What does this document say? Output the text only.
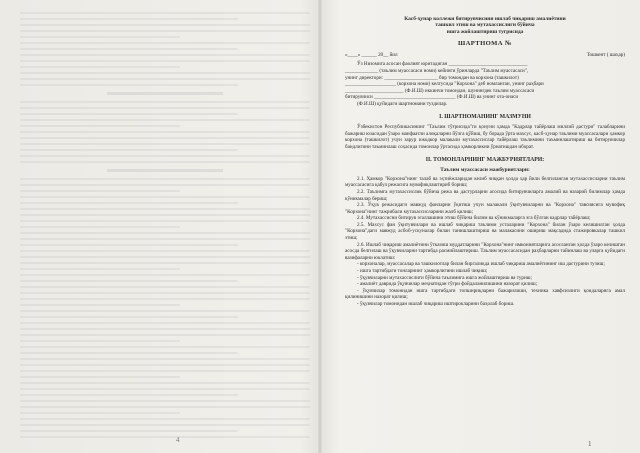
4
Касб-ҳунар коллежи битирувчисини ишлаб чиқариш амалиётини
ташкил этиш ва мутахассислиги бўйича
ишга жойлаштириш тугрисида
ШАРТНОМА №
«____» ______ 20__ йил	Тошкент ( шаҳар)

Ўз Низомига асосан фаолият юритадиган _______________________________

_____________ (таълим муассасаси номи) кейинги ўринларда "Таълим муассасаси",

унинг директори: _____________________ бир томондан ва корхона (ташкилот)

____________________ (корхона номи) келгусида "Корхона" деб номланган, унинг раҳбари

_______________________ (Ф.И.Ш) иккинчи томондан, шунингдек таълим муассасаси

битирувчиси ________________________________ (Ф.И.Ш) ва унинг ота-онаси

(Ф.И.Ш) қуйидаги шартномани туздилар.

I. ШАРТНОМАНИНГ МАЗМУНИ

Ўзбекистон Республикасининг "Таълим тўғрисида"ги қонуни ҳамда "Кадрлар тайёрлаш миллий дастури" талабларини бажариш юзасидан ўзаро манфаатли алоқаларни йўлга қўйиш, бу борада ўрта махсус, касб-ҳунар таълими муассасалари ҳамкор корхона (ташкилот) учун зарур ижодкор малакали мутахассислар тайёрлаш таълимини таъминлаштириш ва битирувчилар бандлигини таъминлаш соҳасида томонлар ўртасида ҳамкорликни ўрнатишдан иборат.

II. ТОМОНЛАРНИНГ МАЖБУРИЯТЛАРИ:
Таълим муассасаси мажбуриятлари:

2.1. Ҳамкор "Корхона"нинг талаб ва эҳтиёжларидан келиб чиққан ҳолда ҳар йили белгиланган мутахассисларни таълим муассасасига қабул режасига мувофиқлаштириб бориш;

2.2. Таълимга мутахассислик бўйича режа ва дастурларни асосида битирувчиларга амалий ва назарий билимлар ҳамда кўникмалар бериш;

2.3. Ўқув режасидаги мавжуд фанларни ўқитиш учун малакали ўқитувчиларни ва "Корхона" тавсиясига мувофиқ "Корхона"нинг тажрибали мутахассисларини жалб қилиш;

2.4. Мутахассисни битирув эгаллашини этиш бўйича билим ва кўникмаларга эга бўлган кадрлар тайёрлаш;

2.5. Махсус фан ўқитувчилари ва ишлаб чиқариш таълими усталарини "Корхона" билан ўзаро келишилган ҳолда "Корхона"даги мавжуд асбоб-ускуналар билан танишлаштириш ва малакасини ошириш мақсадида стажировкалар ташкил этиш;

2.6. Ишлаб чиқариш амалиётини ўтказиш муддатларини "Корхона"нинг имкониятларига асосланган ҳолда ўзаро келишган асосда белгилаш ва ўқувчиларни тартибда расмийлаштириш. Таълим муассасасидан раҳбарларни тайинлаш ва уларга қуйидаги вазифаларни юклатиш:

- корхоналар, муассасалар ва ташкилотлар билан биргаликда ишлаб чиқариш амалиётининг иш дастурини тузиш;

- ишга тартибдаги тонларнинг ҳамкорлигини ишлаб чиқиш;

- ўқувчиларни мутахассислиги бўйича таълимига ишга жойлаштириш ва туриш;

- амалиёт даврида ўқувчилар меҳнатидан тўғри фойдаланилишини назорат қилиш;

- ўқувчилар томонидан ишга тартибдаги топшириқларни бажарилиши, техника хавфсизлиги қоидаларига амал қилинишини назорат қилиш;

- ўқувчилар томонидан ишлаб чиқариш иштирокларини баҳолаб бориш.

1
